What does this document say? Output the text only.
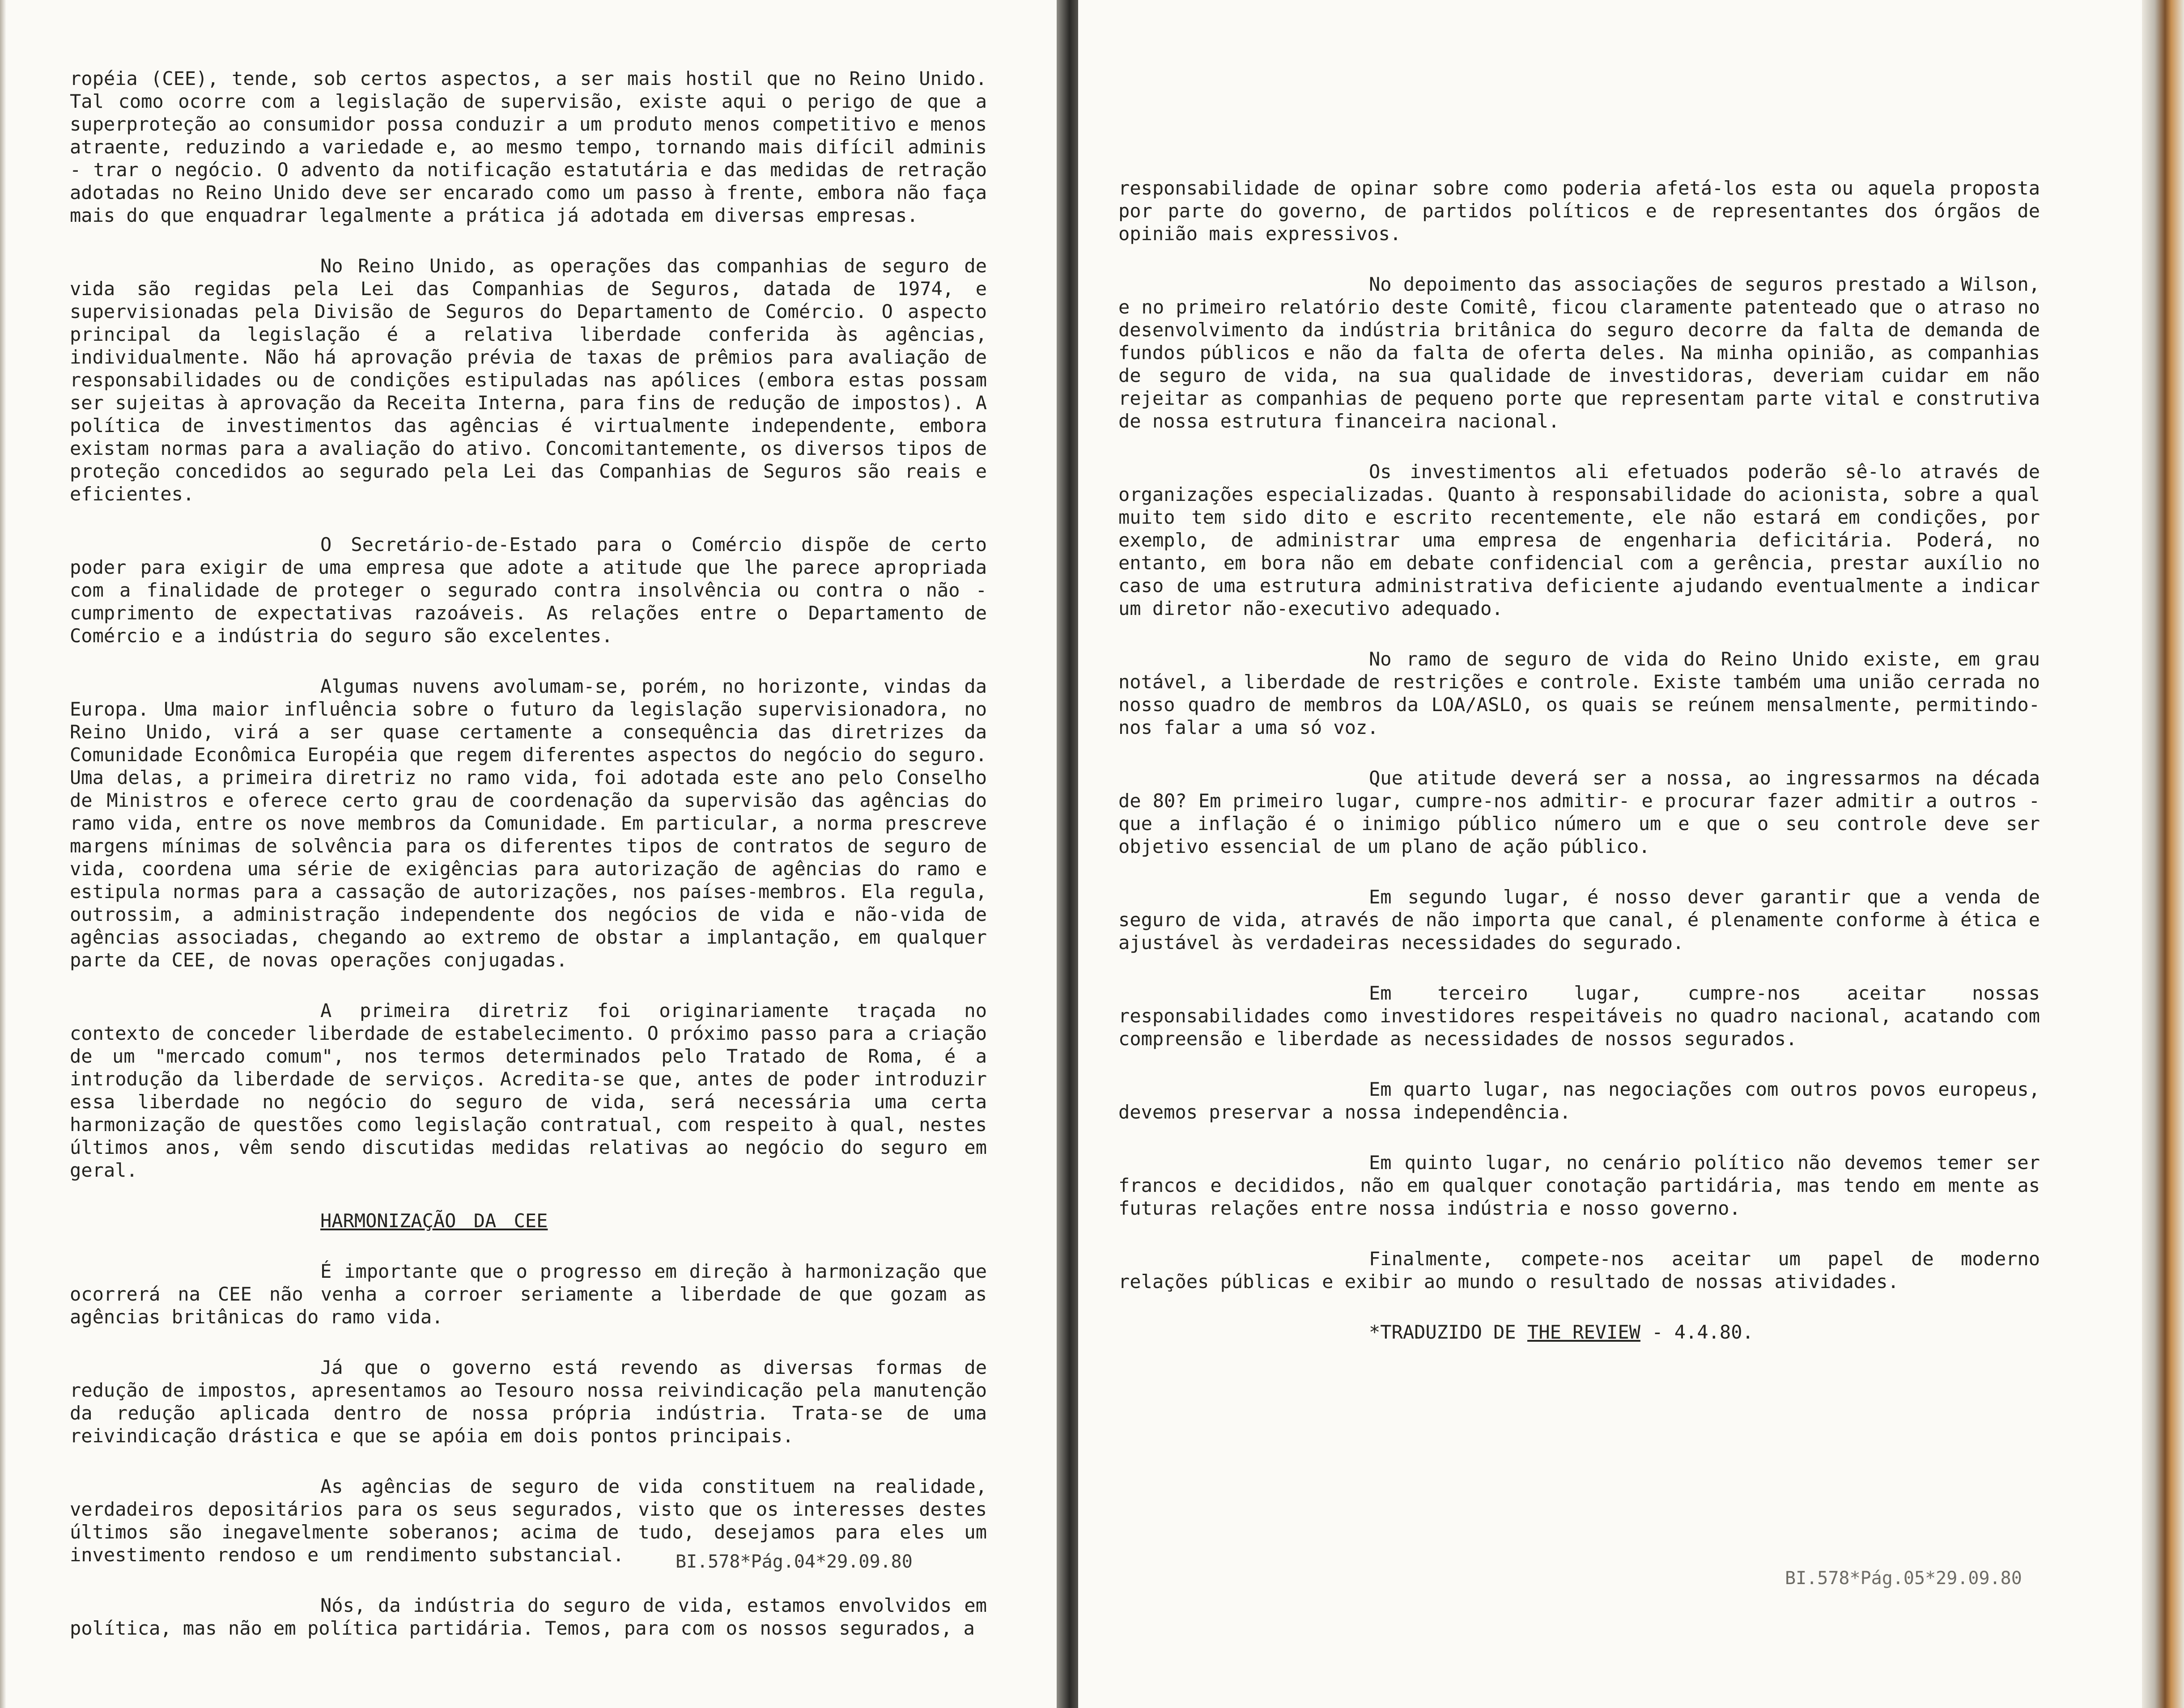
ropéia (CEE), tende, sob certos aspectos, a ser mais hostil que no Reino Unido. Tal como ocorre com a legislação de supervisão, existe aqui o perigo de que a superproteção ao consumidor possa conduzir a um produto menos competitivo e menos atraente, reduzindo a variedade e, ao mesmo tempo, tornando mais difícil adminis - trar o negócio. O advento da notificação estatutária e das medidas de retração adotadas no Reino Unido deve ser encarado como um passo à frente, embora não faça mais do que enquadrar legalmente a prática já adotada em diversas empresas.

No Reino Unido, as operações das companhias de seguro de vida são regidas pela Lei das Companhias de Seguros, datada de 1974, e supervisionadas pela Divisão de Seguros do Departamento de Comércio. O aspecto principal da legislação é a relativa liberdade conferida às agências, individualmente. Não há aprovação prévia de taxas de prêmios para avaliação de responsabilidades ou de condições estipuladas nas apólices (embora estas possam ser sujeitas à aprovação da Receita Interna, para fins de redução de impostos). A política de investimentos das agências é virtualmente independente, embora existam normas para a avaliação do ativo. Concomitantemente, os diversos tipos de proteção concedidos ao segurado pela Lei das Companhias de Seguros são reais e eficientes.

O Secretário-de-Estado para o Comércio dispõe de certo poder para exigir de uma empresa que adote a atitude que lhe parece apropriada com a finalidade de proteger o segurado contra insolvência ou contra o não - cumprimento de expectativas razoáveis. As relações entre o Departamento de Comércio e a indústria do seguro são excelentes.

Algumas nuvens avolumam-se, porém, no horizonte, vindas da Europa. Uma maior influência sobre o futuro da legislação supervisionadora, no Reino Unido, virá a ser quase certamente a consequência das diretrizes da Comunidade Econômica Européia que regem diferentes aspectos do negócio do seguro. Uma delas, a primeira diretriz no ramo vida, foi adotada este ano pelo Conselho de Ministros e oferece certo grau de coordenação da supervisão das agências do ramo vida, entre os nove membros da Comunidade. Em particular, a norma prescreve margens mínimas de solvência para os diferentes tipos de contratos de seguro de vida, coordena uma série de exigências para autorização de agências do ramo e estipula normas para a cassação de autorizações, nos países-membros. Ela regula, outrossim, a administração independente dos negócios de vida e não-vida de agências associadas, chegando ao extremo de obstar a implantação, em qualquer parte da CEE, de novas operações conjugadas.

A primeira diretriz foi originariamente traçada no contexto de conceder liberdade de estabelecimento. O próximo passo para a criação de um "mercado comum", nos termos determinados pelo Tratado de Roma, é a introdução da liberdade de serviços. Acredita-se que, antes de poder introduzir essa liberdade no negócio do seguro de vida, será necessária uma certa harmonização de questões como legislação contratual, com respeito à qual, nestes últimos anos, vêm sendo discutidas medidas relativas ao negócio do seguro em geral.

HARMONIZAÇÃO DA CEE

É importante que o progresso em direção à harmonização que ocorrerá na CEE não venha a corroer seriamente a liberdade de que gozam as agências britânicas do ramo vida.

Já que o governo está revendo as diversas formas de redução de impostos, apresentamos ao Tesouro nossa reivindicação pela manutenção da redução aplicada dentro de nossa própria indústria. Trata-se de uma reivindicação drástica e que se apóia em dois pontos principais.

As agências de seguro de vida constituem na realidade, verdadeiros depositários para os seus segurados, visto que os interesses destes últimos são inegavelmente soberanos; acima de tudo, desejamos para eles um investimento rendoso e um rendimento substancial.

Nós, da indústria do seguro de vida, estamos envolvidos em política, mas não em política partidária. Temos, para com os nossos segurados, a

BI.578*Pág.04*29.09.80

responsabilidade de opinar sobre como poderia afetá-los esta ou aquela proposta por parte do governo, de partidos políticos e de representantes dos órgãos de opinião mais expressivos.

No depoimento das associações de seguros prestado a Wilson, e no primeiro relatório deste Comitê, ficou claramente patenteado que o atraso no desenvolvimento da indústria britânica do seguro decorre da falta de demanda de fundos públicos e não da falta de oferta deles. Na minha opinião, as companhias de seguro de vida, na sua qualidade de investidoras, deveriam cuidar em não rejeitar as companhias de pequeno porte que representam parte vital e construtiva de nossa estrutura financeira nacional.

Os investimentos ali efetuados poderão sê-lo através de organizações especializadas. Quanto à responsabilidade do acionista, sobre a qual muito tem sido dito e escrito recentemente, ele não estará em condições, por exemplo, de administrar uma empresa de engenharia deficitária. Poderá, no entanto, em bora não em debate confidencial com a gerência, prestar auxílio no caso de uma estrutura administrativa deficiente ajudando eventualmente a indicar um diretor não-executivo adequado.

No ramo de seguro de vida do Reino Unido existe, em grau notável, a liberdade de restrições e controle. Existe também uma união cerrada no nosso quadro de membros da LOA/ASLO, os quais se reúnem mensalmente, permitindo-nos falar a uma só voz.

Que atitude deverá ser a nossa, ao ingressarmos na década de 80? Em primeiro lugar, cumpre-nos admitir- e procurar fazer admitir a outros - que a inflação é o inimigo público número um e que o seu controle deve ser objetivo essencial de um plano de ação público.

Em segundo lugar, é nosso dever garantir que a venda de seguro de vida, através de não importa que canal, é plenamente conforme à ética e ajustável às verdadeiras necessidades do segurado.

Em terceiro lugar, cumpre-nos aceitar nossas responsabilidades como investidores respeitáveis no quadro nacional, acatando com compreensão e liberdade as necessidades de nossos segurados.

Em quarto lugar, nas negociações com outros povos europeus, devemos preservar a nossa independência.

Em quinto lugar, no cenário político não devemos temer ser francos e decididos, não em qualquer conotação partidária, mas tendo em mente as futuras relações entre nossa indústria e nosso governo.

Finalmente, compete-nos aceitar um papel de moderno relações públicas e exibir ao mundo o resultado de nossas atividades.

*TRADUZIDO DE THE REVIEW - 4.4.80.
BI.578*Pág.05*29.09.80
